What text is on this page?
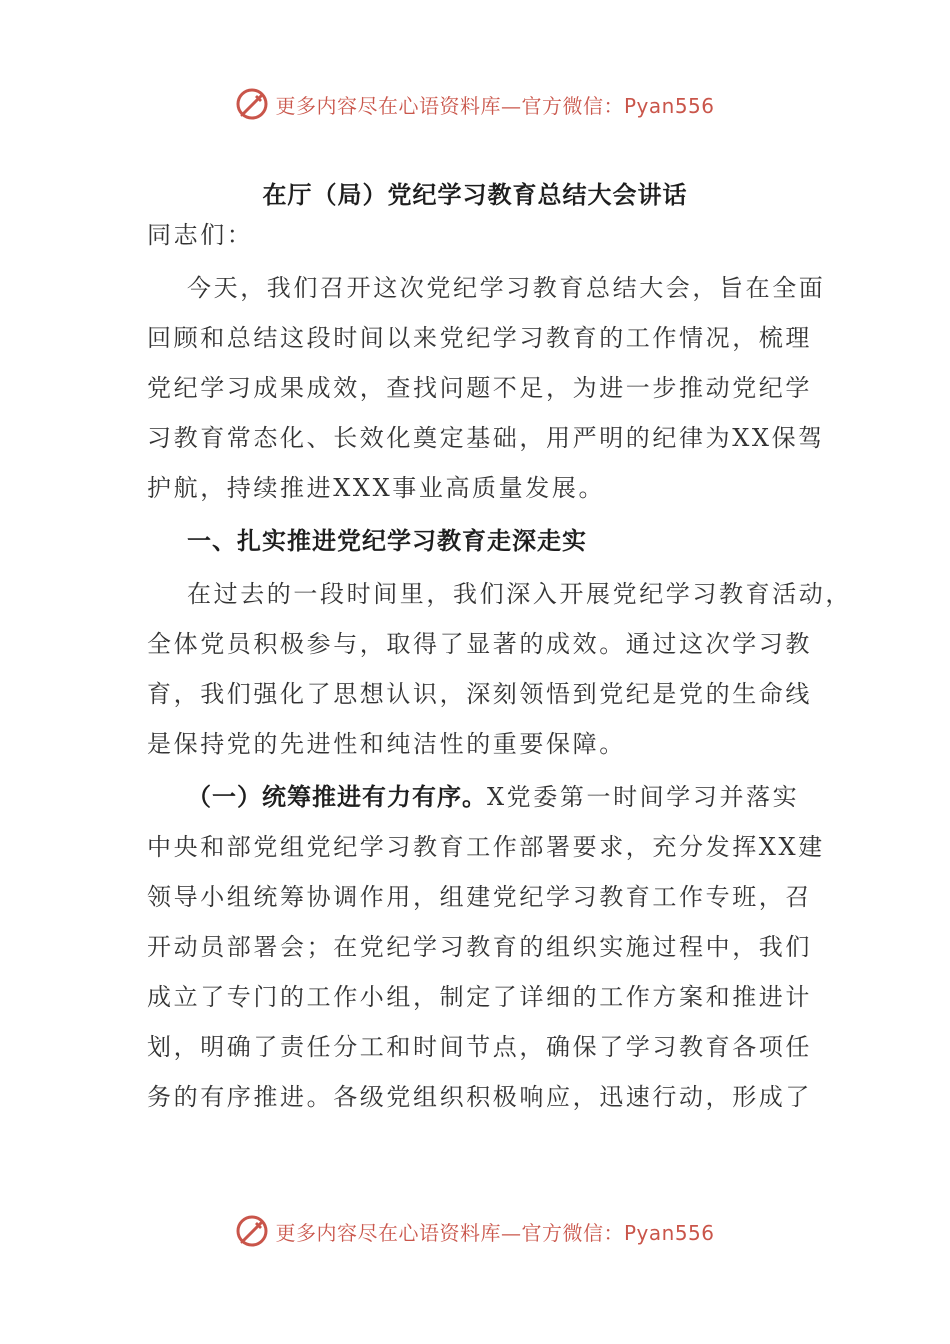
更多内容尽在心语资料库—官方微信：Pyan556
在厅（局）党纪学习教育总结大会讲话
同志们：
今天，我们召开这次党纪学习教育总结大会，旨在全面
回顾和总结这段时间以来党纪学习教育的工作情况，梳理
党纪学习成果成效，查找问题不足，为进一步推动党纪学
习教育常态化、长效化奠定基础，用严明的纪律为XX保驾
护航，持续推进XXX事业高质量发展。
一、扎实推进党纪学习教育走深走实
在过去的一段时间里，我们深入开展党纪学习教育活动，
全体党员积极参与，取得了显著的成效。通过这次学习教
育，我们强化了思想认识，深刻领悟到党纪是党的生命线
是保持党的先进性和纯洁性的重要保障。
（一）统筹推进有力有序。X党委第一时间学习并落实
中央和部党组党纪学习教育工作部署要求，充分发挥XX建
领导小组统筹协调作用，组建党纪学习教育工作专班，召
开动员部署会；在党纪学习教育的组织实施过程中，我们
成立了专门的工作小组，制定了详细的工作方案和推进计
划，明确了责任分工和时间节点，确保了学习教育各项任
务的有序推进。各级党组织积极响应，迅速行动，形成了
更多内容尽在心语资料库—官方微信：Pyan556
